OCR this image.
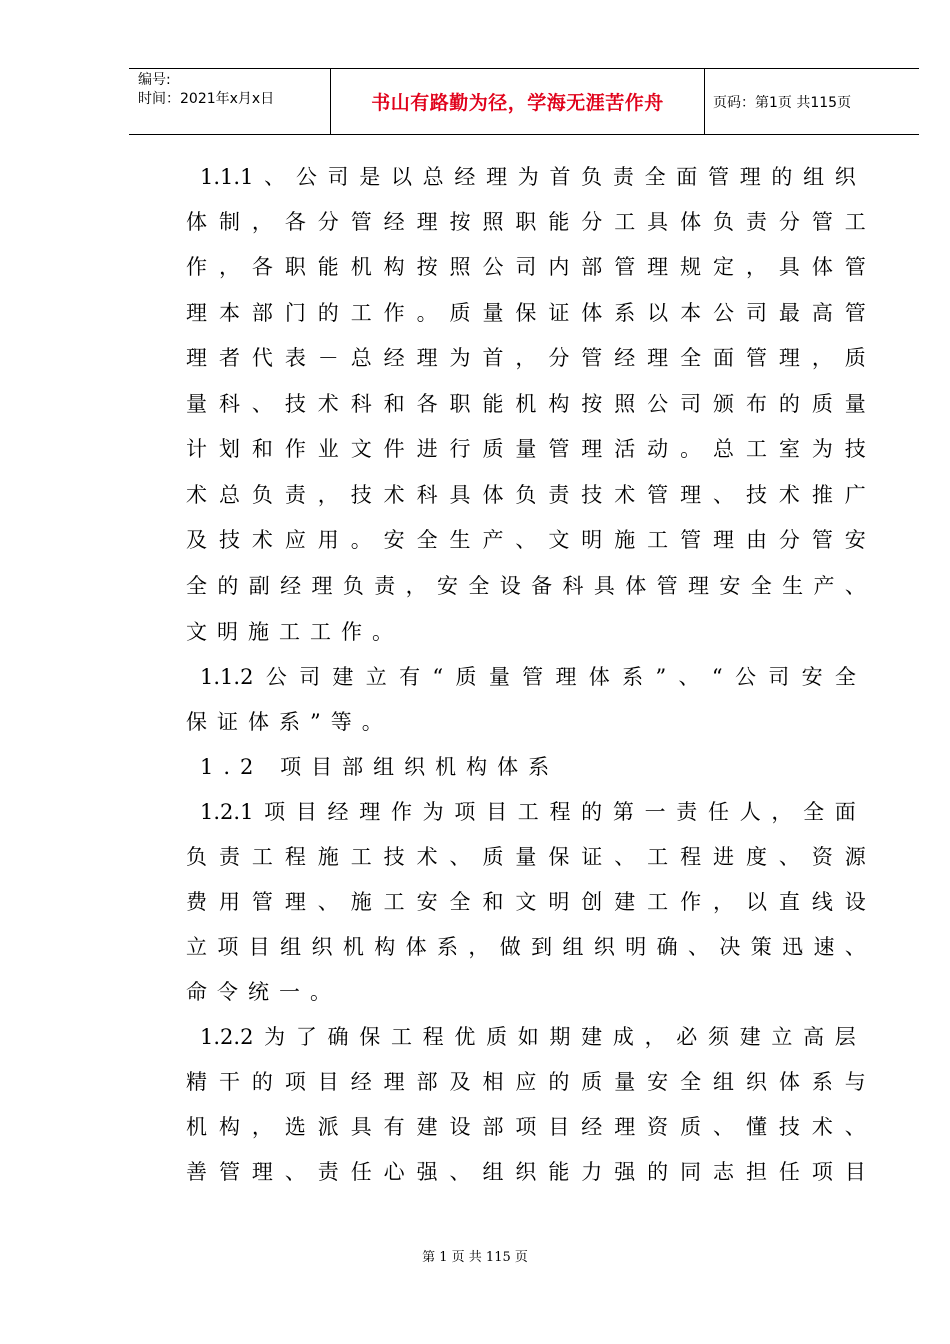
编号:
时间：2021年x月x日	书山有路勤为径，学海无涯苦作舟	页码：第1页 共115页
1.1.1 、 公 司 是 以 总 经 理 为 首 负 责 全 面 管 理 的 组 织
体 制 ， 各 分 管 经 理 按 照 职 能 分 工 具 体 负 责 分 管 工
作 ， 各 职 能 机 构 按 照 公 司 内 部 管 理 规 定 ， 具 体 管
理 本 部 门 的 工 作 。 质 量 保 证 体 系 以 本 公 司 最 高 管
理 者 代 表 － 总 经 理 为 首 ， 分 管 经 理 全 面 管 理 ， 质
量 科 、 技 术 科 和 各 职 能 机 构 按 照 公 司 颁 布 的 质 量
计 划 和 作 业 文 件 进 行 质 量 管 理 活 动 。 总 工 室 为 技
术 总 负 责 ， 技 术 科 具 体 负 责 技 术 管 理 、 技 术 推 广
及 技 术 应 用 。 安 全 生 产 、 文 明 施 工 管 理 由 分 管 安
全 的 副 经 理 负 责 ， 安 全 设 备 科 具 体 管 理 安 全 生 产 、
文明施工工作。
1.1.2 公 司 建 立 有 “ 质 量 管 理 体 系 ” 、 “ 公 司 安 全
保证体系”等。
1.2 项目部组织机构体系
1.2.1 项 目 经 理 作 为 项 目 工 程 的 第 一 责 任 人 ， 全 面
负 责 工 程 施 工 技 术 、 质 量 保 证 、 工 程 进 度 、 资 源
费 用 管 理 、 施 工 安 全 和 文 明 创 建 工 作 ， 以 直 线 设
立 项 目 组 织 机 构 体 系 ， 做 到 组 织 明 确 、 决 策 迅 速 、
命令统一。
1.2.2 为 了 确 保 工 程 优 质 如 期 建 成 ， 必 须 建 立 高 层
精 干 的 项 目 经 理 部 及 相 应 的 质 量 安 全 组 织 体 系 与
机 构 ， 选 派 具 有 建 设 部 项 目 经 理 资 质 、 懂 技 术 、
善 管 理 、 责 任 心 强 、 组 织 能 力 强 的 同 志 担 任 项 目
第 1 页 共 115 页
